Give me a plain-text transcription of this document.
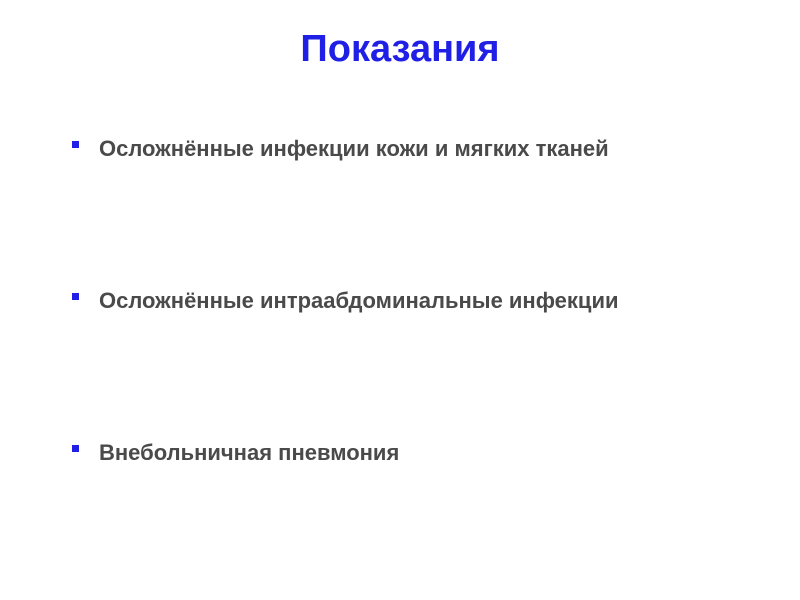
Показания
Осложнённые инфекции кожи и мягких тканей
Осложнённые интраабдоминальные инфекции
Внебольничная пневмония
